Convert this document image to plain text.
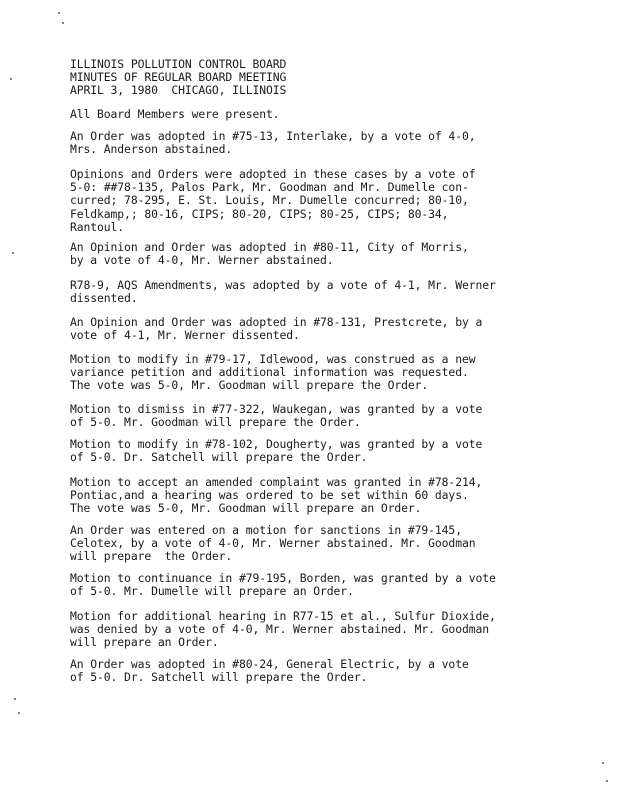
ILLINOIS POLLUTION CONTROL BOARD
MINUTES OF REGULAR BOARD MEETING
APRIL 3, 1980  CHICAGO, ILLINOIS
All Board Members were present.
An Order was adopted in #75-13, Interlake, by a vote of 4-0,
Mrs. Anderson abstained.
Opinions and Orders were adopted in these cases by a vote of
5-0: ##78-135, Palos Park, Mr. Goodman and Mr. Dumelle con-
curred; 78-295, E. St. Louis, Mr. Dumelle concurred; 80-10,
Feldkamp,; 80-16, CIPS; 80-20, CIPS; 80-25, CIPS; 80-34,
Rantoul.
An Opinion and Order was adopted in #80-11, City of Morris,
by a vote of 4-0, Mr. Werner abstained.
R78-9, AQS Amendments, was adopted by a vote of 4-1, Mr. Werner
dissented.
An Opinion and Order was adopted in #78-131, Prestcrete, by a
vote of 4-1, Mr. Werner dissented.
Motion to modify in #79-17, Idlewood, was construed as a new
variance petition and additional information was requested.
The vote was 5-0, Mr. Goodman will prepare the Order.
Motion to dismiss in #77-322, Waukegan, was granted by a vote
of 5-0. Mr. Goodman will prepare the Order.
Motion to modify in #78-102, Dougherty, was granted by a vote
of 5-0. Dr. Satchell will prepare the Order.
Motion to accept an amended complaint was granted in #78-214,
Pontiac,and a hearing was ordered to be set within 60 days.
The vote was 5-0, Mr. Goodman will prepare an Order.
An Order was entered on a motion for sanctions in #79-145,
Celotex, by a vote of 4-0, Mr. Werner abstained. Mr. Goodman
will prepare  the Order.
Motion to continuance in #79-195, Borden, was granted by a vote
of 5-0. Mr. Dumelle will prepare an Order.
Motion for additional hearing in R77-15 et al., Sulfur Dioxide,
was denied by a vote of 4-0, Mr. Werner abstained. Mr. Goodman
will prepare an Order.
An Order was adopted in #80-24, General Electric, by a vote
of 5-0. Dr. Satchell will prepare the Order.
